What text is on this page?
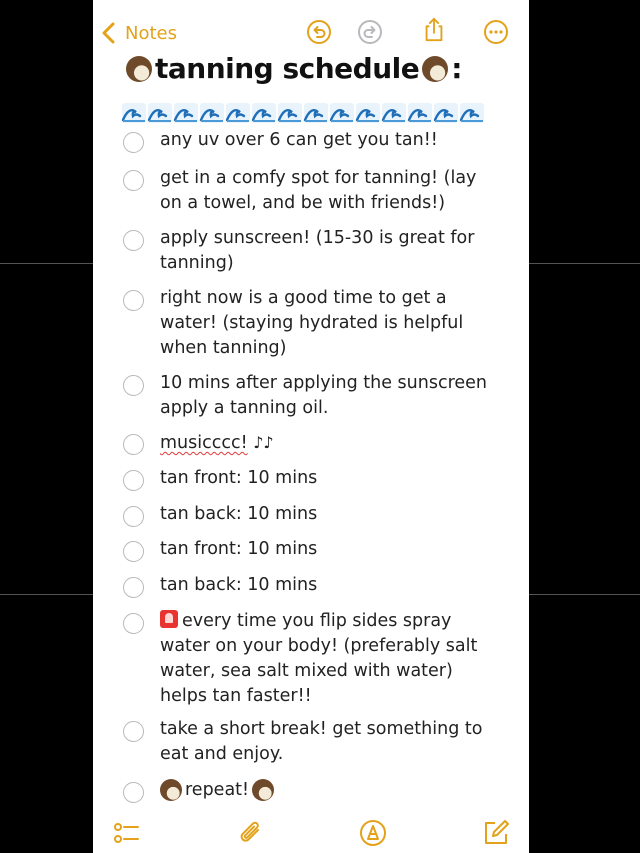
Notes
tanning schedule :
any uv over 6 can get you tan!!
get in a comfy spot for tanning! (lay on a towel, and be with friends!)
apply sunscreen! (15-30 is great for tanning)
right now is a good time to get a water! (staying hydrated is helpful when tanning)
10 mins after applying the sunscreen apply a tanning oil.
musicccc! ♪♪
tan front: 10 mins
tan back: 10 mins
tan front: 10 mins
tan back: 10 mins
every time you flip sides spray water on your body! (preferably salt water, sea salt mixed with water) helps tan faster!!
take a short break! get something to eat and enjoy.
repeat!
